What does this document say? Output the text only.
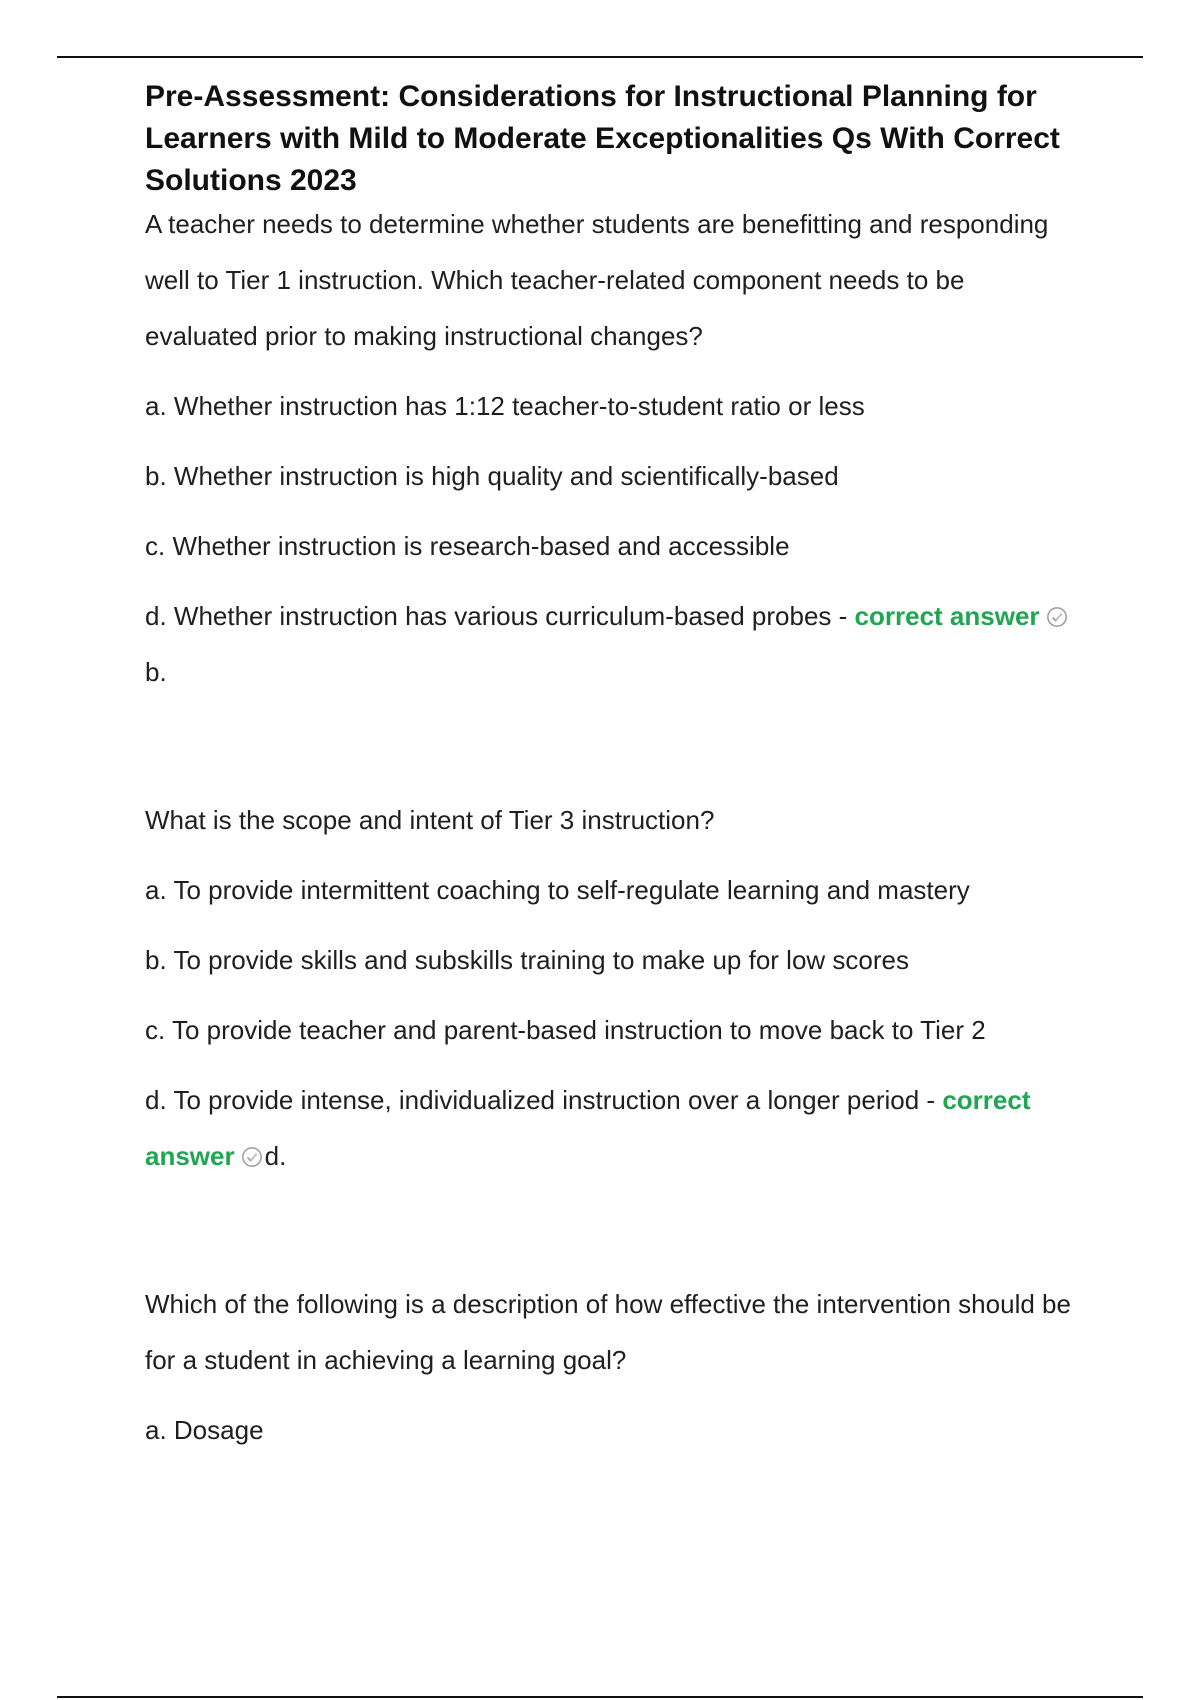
Pre-Assessment: Considerations for Instructional Planning for Learners with Mild to Moderate Exceptionalities Qs With Correct Solutions 2023

A teacher needs to determine whether students are benefitting and responding well to Tier 1 instruction. Which teacher-related component needs to be evaluated prior to making instructional changes?

a. Whether instruction has 1:12 teacher-to-student ratio or less

b. Whether instruction is high quality and scientifically-based

c. Whether instruction is research-based and accessible

d. Whether instruction has various curriculum-based probes - correct answerb.

What is the scope and intent of Tier 3 instruction?

a. To provide intermittent coaching to self-regulate learning and mastery

b. To provide skills and subskills training to make up for low scores

c. To provide teacher and parent-based instruction to move back to Tier 2

d. To provide intense, individualized instruction over a longer period - correct answer d.

Which of the following is a description of how effective the intervention should be for a student in achieving a learning goal?

a. Dosage
